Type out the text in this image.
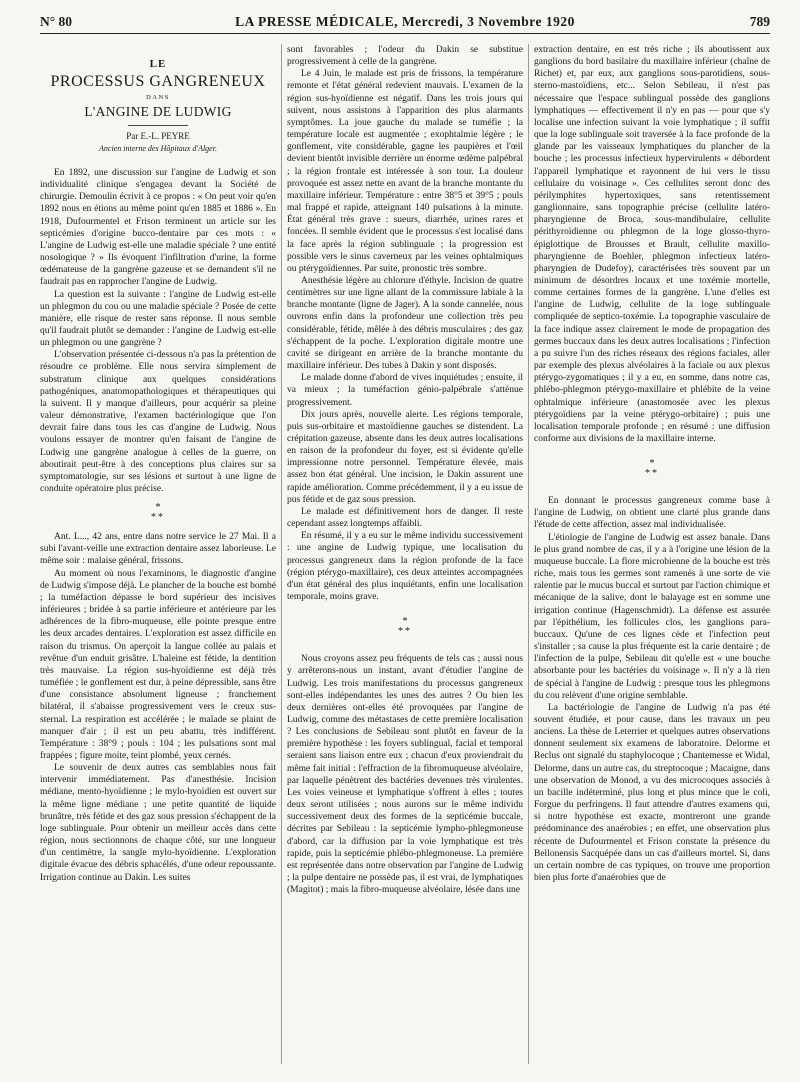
N° 80	LA PRESSE MÉDICALE, Mercredi, 3 Novembre 1920	789
LE
PROCESSUS GANGRENEUX
DANS
L'ANGINE DE LUDWIG
Par E.-L. PEYRE
Ancien interne des Hôpitaux d'Alger.

En 1892, une discussion sur l'angine de Ludwig et son individualité clinique s'engagea devant la Société de chirurgie. Demoulin écrivit à ce propos : « On peut voir qu'en 1892 nous en étions au même point qu'en 1885 et 1886 ». En 1918, Dufourmentel et Frison terminent un article sur les septicémies d'origine bucco-dentaire par ces mots : « L'angine de Ludwig est-elle une maladie spéciale ? une entité nosologique ? » Ils évoquent l'infiltration d'urine, la forme œdémateuse de la gangrène gazeuse et se demandent s'il ne faudrait pas en rapprocher l'angine de Ludwig.

La question est la suivante : l'angine de Ludwig est-elle un phlegmon du cou ou une maladie spéciale ? Posée de cette manière, elle risque de rester sans réponse. Il nous semble qu'il faudrait plutôt se demander : l'angine de Ludwig est-elle un phlegmon ou une gangrène ?

L'observation présentée ci-dessous n'a pas la prétention de résoudre ce problème. Elle nous servira simplement de substratum clinique aux quelques considérations pathogéniques, anatomopathologiques et thérapeutiques qui la suivent. Il y manque d'ailleurs, pour acquérir sa pleine valeur démonstrative, l'examen bactériologique que l'on devrait faire dans tous les cas d'angine de Ludwig. Nous voulons essayer de montrer qu'en faisant de l'angine de Ludwig une gangrène analogue à celles de la guerre, on aboutirait peut-être à des conceptions plus claires sur sa symptomatologie, sur ses lésions et surtout à une ligne de conduite opératoire plus précise.

*
**

Ant. L..., 42 ans, entre dans notre service le 27 Mai. Il a subi l'avant-veille une extraction dentaire assez laborieuse. Le même soir : malaise général, frissons.

Au moment où nous l'examinons, le diagnostic d'angine de Ludwig s'impose déjà. Le plancher de la bouche est bombé ; la tuméfaction dépasse le bord supérieur des incisives inférieures ; bridée à sa partie inférieure et antérieure par les adhérences de la fibro-muqueuse, elle pointe presque entre les deux arcades dentaires. L'exploration est assez difficile en raison du trismus. On aperçoit la langue collée au palais et revêtue d'un enduit grisâtre. L'haleine est fétide, la dentition très mauvaise. La région sus-hyoïdienne est déjà très tuméfiée ; le gonflement est dur, à peine dépressible, sans être d'une consistance absolument ligneuse ; franchement bilatéral, il s'abaisse progressivement vers le creux sus-sternal. La respiration est accélérée ; le malade se plaint de manquer d'air ; il est un peu abattu, très indifférent. Température : 38°9 ; pouls : 104 ; les pulsations sont mal frappées ; figure moite, teint plombé, yeux cernés.

Le souvenir de deux autres cas semblables nous fait intervenir immédiatement. Pas d'anesthésie. Incision médiane, mento-hyoïdienne ; le mylo-hyoïdien est ouvert sur la même ligne médiane ; une petite quantité de liquide brunâtre, très fétide et des gaz sous pression s'échappent de la loge sublinguale. Pour obtenir un meilleur accès dans cette région, nous sectionnons de chaque côté, sur une longueur d'un centimètre, la sangle mylo-hyoïdienne. L'exploration digitale évacue des débris sphacélés, d'une odeur repoussante. Irrigation continue au Dakin. Les suites

sont favorables ; l'odeur du Dakin se substitue progressivement à celle de la gangrène.

Le 4 Juin, le malade est pris de frissons, la température remonte et l'état général redevient mauvais. L'examen de la région sus-hyoïdienne est négatif. Dans les trois jours qui suivent, nous assistons à l'apparition des plus alarmants symptômes. La joue gauche du malade se tuméfie ; la température locale est augmentée ; exophtalmie légère ; le gonflement, vite considérable, gagne les paupières et l'œil devient bientôt invisible derrière un énorme œdème palpébral ; la région frontale est intéressée à son tour. La douleur provoquée est assez nette en avant de la branche montante du maxillaire inférieur. Température : entre 38°5 et 39°5 ; pouls mal frappé et rapide, atteignant 140 pulsations à la minute. État général très grave : sueurs, diarrhée, urines rares et foncées. Il semble évident que le processus s'est localisé dans la face après la région sublinguale ; la progression est possible vers le sinus caverneux par les veines ophtalmiques ou ptérygoïdiennes. Par suite, pronostic très sombre.

Anesthésie légère au chlorure d'éthyle. Incision de quatre centimètres sur une ligne allant de la commissure labiale à la branche montante (ligne de Jager). A la sonde cannelée, nous ouvrons enfin dans la profondeur une collection très peu considérable, fétide, mêlée à des débris musculaires ; des gaz s'échappent de la poche. L'exploration digitale montre une cavité se dirigeant en arrière de la branche montante du maxillaire inférieur. Des tubes à Dakin y sont disposés.

Le malade donne d'abord de vives inquiétudes ; ensuite, il va mieux ; la tuméfaction génio-palpébrale s'atténue progressivement.

Dix jours après, nouvelle alerte. Les régions temporale, puis sus-orbitaire et mastoïdienne gauches se distendent. La crépitation gazeuse, absente dans les deux autres localisations en raison de la profondeur du foyer, est si évidente qu'elle impressionne notre personnel. Température élevée, mais assez bon état général. Une incision, le Dakin assurent une rapide amélioration. Comme précédemment, il y a eu issue de pus fétide et de gaz sous pression.

Le malade est définitivement hors de danger. Il reste cependant assez longtemps affaibli.

En résumé, il y a eu sur le même individu successivement : une angine de Ludwig typique, une localisation du processus gangreneux dans la région profonde de la face (région ptérygo-maxillaire), ces deux atteintes accompagnées d'un état général des plus inquiétants, enfin une localisation temporale, moins grave.

*
**

Nous croyons assez peu fréquents de tels cas ; aussi nous y arrêterons-nous un instant, avant d'étudier l'angine de Ludwig. Les trois manifestations du processus gangreneux sont-elles indépendantes les unes des autres ? Ou bien les deux dernières ont-elles été provoquées par l'angine de Ludwig, comme des métastases de cette première localisation ? Les conclusions de Sebileau sont plutôt en faveur de la première hypothèse : les foyers sublingual, facial et temporal seraient sans liaison entre eux ; chacun d'eux proviendrait du même fait initial : l'effraction de la fibromuqueuse alvéolaire, par laquelle pénètrent des bactéries devenues très virulentes. Les voies veineuse et lymphatique s'offrent à elles ; toutes deux seront utilisées ; nous aurons sur le même individu successivement deux des formes de la septicémie buccale, décrites par Sebileau : la septicémie lympho-phlegmoneuse d'abord, car la diffusion par la voie lymphatique est très rapide, puis la septicémie phlébo-phlegmoneuse. La première est représentée dans notre observation par l'angine de Ludwig ; la pulpe dentaire ne possède pas, il est vrai, de lymphatiques (Magitot) ; mais la fibro-muqueuse alvéolaire, lésée dans une

extraction dentaire, en est très riche ; ils aboutissent aux ganglions du bord basilaire du maxillaire inférieur (chaîne de Richet) et, par eux, aux ganglions sous-parotidiens, sous-sterno-mastoïdiens, etc... Selon Sebileau, il n'est pas nécessaire que l'espace sublingual possède des ganglions lymphatiques — effectivement il n'y en pas — pour que s'y localise une infection suivant la voie lymphatique ; il suffit que la loge sublinguale soit traversée à la face profonde de la glande par les vaisseaux lymphatiques du plancher de la bouche ; les processus infectieux hypervirulents « débordent l'appareil lymphatique et rayonnent de lui vers le tissu cellulaire du voisinage ». Ces cellulites seront donc des périlymphites hypertoxiques, sans retentissement ganglionnaire, sans topographie précise (cellulite latéro-pharyngienne de Broca, sous-mandibulaire, cellulite périthyroïdienne ou phlegmon de la loge glosso-thyro-épiglottique de Brousses et Brault, cellulite maxillo-pharyngienne de Boehler, phlegmon infectieux latéro-pharyngien de Dudefoy), caractérisées très souvent par un minimum de désordres locaux et une toxémie mortelle, comme certaines formes de la gangrène. L'une d'elles est l'angine de Ludwig, cellulite de la loge sublinguale compliquée de septico-toxémie. La topographie vasculaire de la face indique assez clairement le mode de propagation des germes buccaux dans les deux autres localisations ; l'infection a pu suivre l'un des riches réseaux des régions faciales, aller par exemple des plexus alvéolaires à la faciale ou aux plexus ptérygo-zygomatiques ; il y a eu, en somme, dans notre cas, phlébo-phlegmon ptérygo-maxillaire et phlébite de la veine ophtalmique inférieure (anastomosée avec les plexus ptérygoïdiens par la veine ptérygo-orbitaire) ; puis une localisation temporale profonde ; en résumé : une diffusion conforme aux divisions de la maxillaire interne.

*
**

En donnant le processus gangreneux comme base à l'angine de Ludwig, on obtient une clarté plus grande dans l'étude de cette affection, assez mal individualisée.

L'étiologie de l'angine de Ludwig est assez banale. Dans le plus grand nombre de cas, il y a à l'origine une lésion de la muqueuse buccale. La flore microbienne de la bouche est très riche, mais tous les germes sont ramenés à une sorte de vie ralentie par le mucus buccal et surtout par l'action chimique et mécanique de la salive, dont le balayage est en somme une irrigation continue (Hagenschmidt). La défense est assurée par l'épithélium, les follicules clos, les ganglions para-buccaux. Qu'une de ces lignes cède et l'infection peut s'installer ; sa cause la plus fréquente est la carie dentaire ; de l'infection de la pulpe, Sebileau dit qu'elle est « une bouche absorbante pour les bactéries du voisinage ». Il n'y a là rien de spécial à l'angine de Ludwig : presque tous les phlegmons du cou relèvent d'une origine semblable.

La bactériologie de l'angine de Ludwig n'a pas été souvent étudiée, et pour cause, dans les travaux un peu anciens. La thèse de Leterrier et quelques autres observations donnent seulement six examens de laboratoire. Delorme et Reclus ont signalé du staphylocoque ; Chantemesse et Widal, Delorme, dans un autre cas, du streptocoque ; Macaigne, dans une observation de Monod, a vu des microcoques associés à un bacille indéterminé, plus long et plus mince que le coli, Forgue du perfringens. Il faut attendre d'autres examens qui, si notre hypothèse est exacte, montreront une grande prédominance des anaérobies ; en effet, une observation plus récente de Dufourmentel et Frison constate la présence du Bellonensis Sacquépée dans un cas d'ailleurs mortel. Si, dans un certain nombre de cas typiques, on trouve une proportion bien plus forte d'anaérobies que de
